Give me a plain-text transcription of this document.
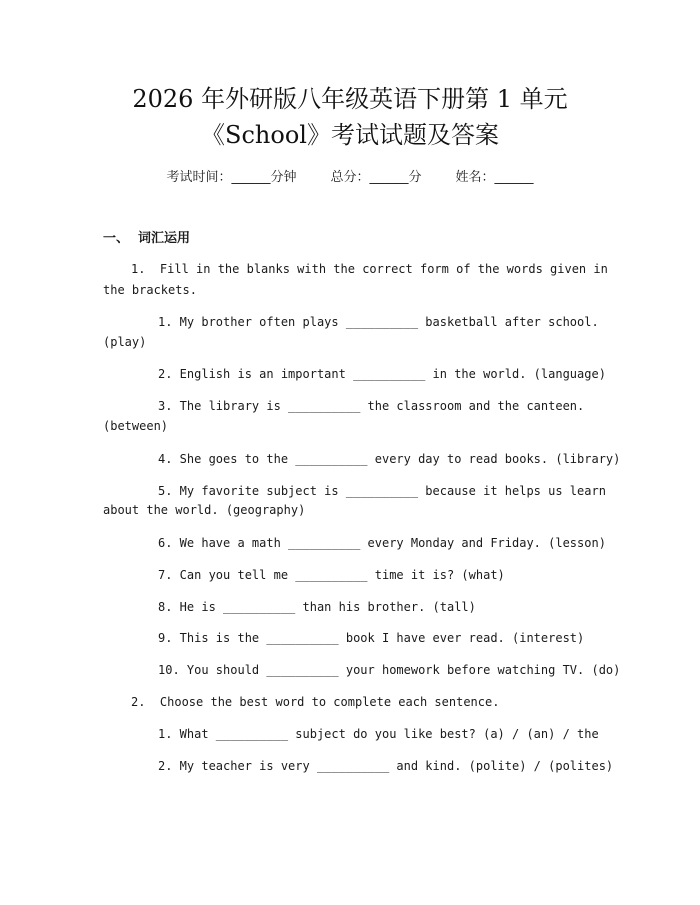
2026 年外研版八年级英语下册第 1 单元
《School》考试试题及答案
考试时间：______分钟	总分：______分	姓名：______
一、  词汇运用
1.  Fill in the blanks with the correct form of the words given in
the brackets.
1. My brother often plays __________ basketball after school.
(play)
2. English is an important __________ in the world. (language)
3. The library is __________ the classroom and the canteen.
(between)
4. She goes to the __________ every day to read books. (library)
5. My favorite subject is __________ because it helps us learn
about the world. (geography)
6. We have a math __________ every Monday and Friday. (lesson)
7. Can you tell me __________ time it is? (what)
8. He is __________ than his brother. (tall)
9. This is the __________ book I have ever read. (interest)
10. You should __________ your homework before watching TV. (do)
2.  Choose the best word to complete each sentence.
1. What __________ subject do you like best? (a) / (an) / the
2. My teacher is very __________ and kind. (polite) / (polites)
